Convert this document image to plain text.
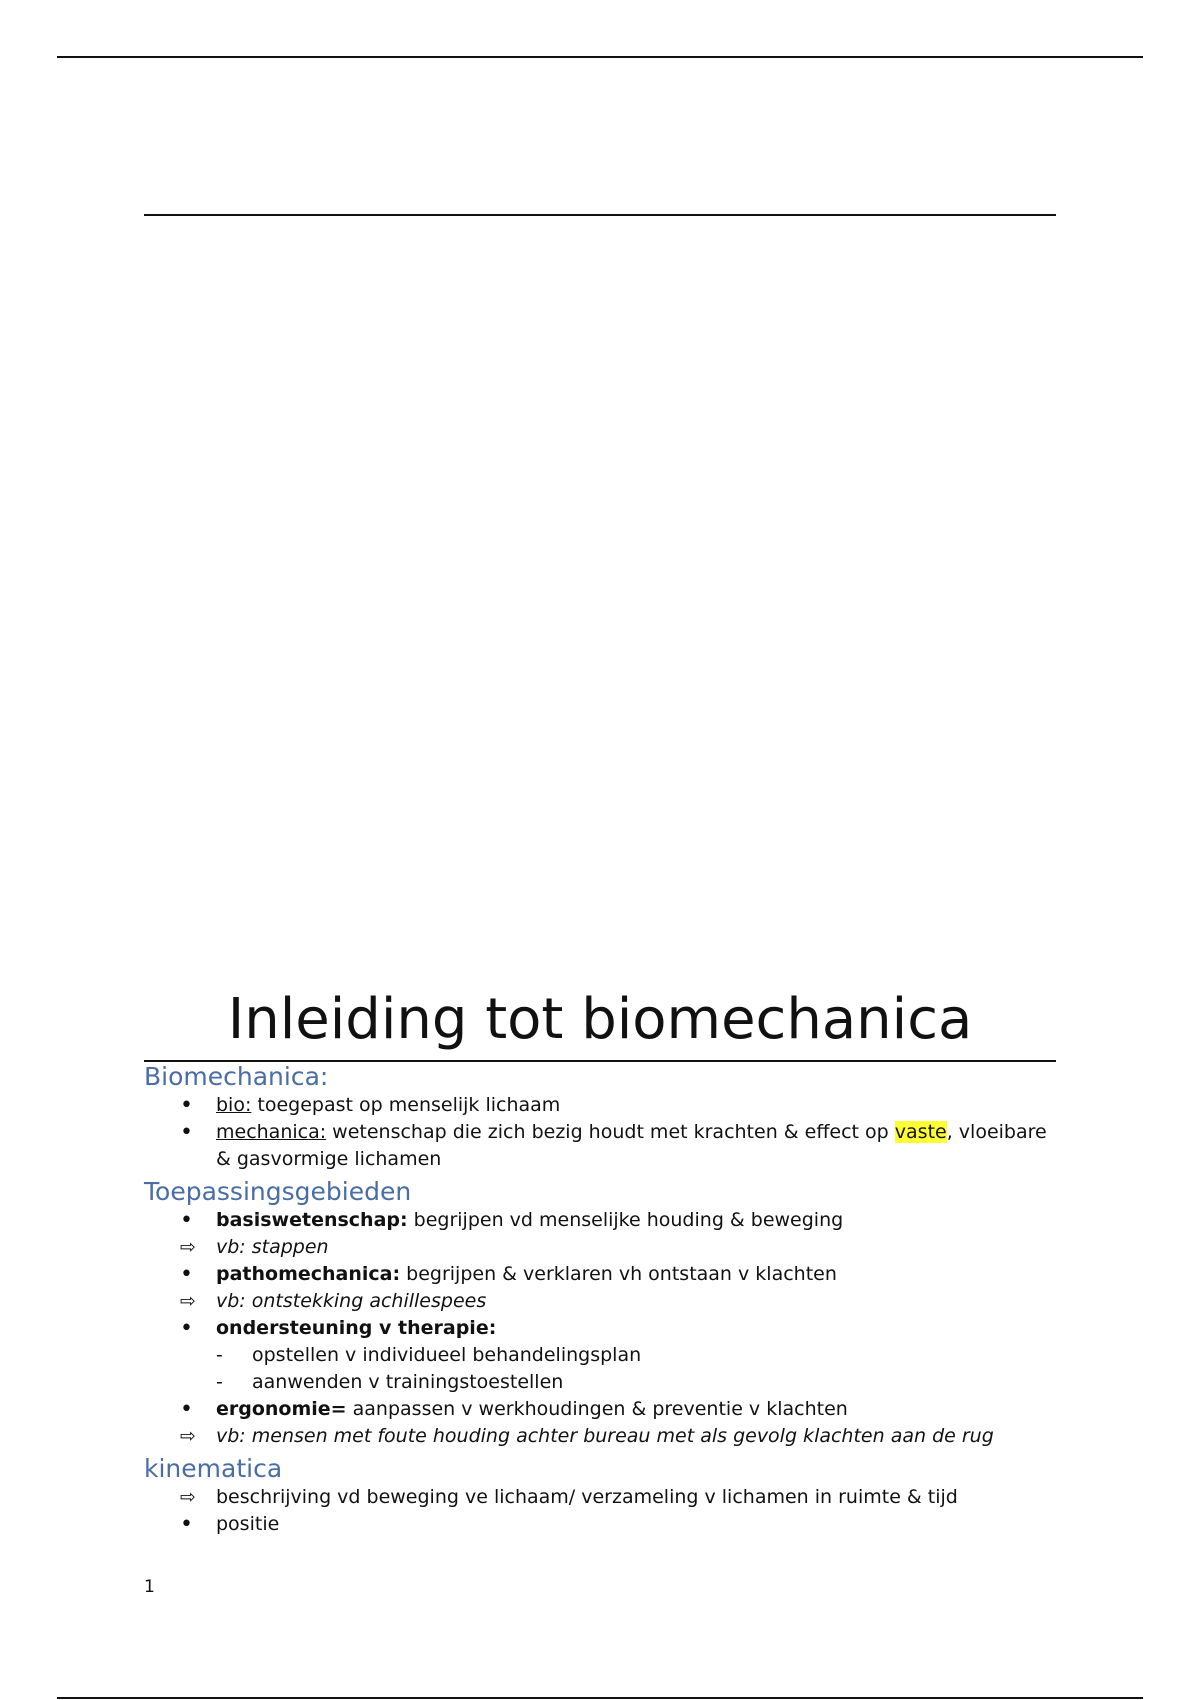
Inleiding tot biomechanica
Biomechanica:
•
bio: toegepast op menselijk lichaam
•
mechanica: wetenschap die zich bezig houdt met krachten & effect op vaste, vloeibare & gasvormige lichamen
Toepassingsgebieden
•
basiswetenschap: begrijpen vd menselijke houding & beweging
⇨	vb: stappen
•
pathomechanica: begrijpen & verklaren vh ontstaan v klachten
⇨	vb: ontstekking achillespees
•
ondersteuning v therapie:
-	opstellen v individueel behandelingsplan
-	aanwenden v trainingstoestellen
•
ergonomie= aanpassen v werkhoudingen & preventie v klachten
⇨	vb: mensen met foute houding achter bureau met als gevolg klachten aan de rug
kinematica
⇨	beschrijving vd beweging ve lichaam/ verzameling v lichamen in ruimte & tijd
•
positie
1
